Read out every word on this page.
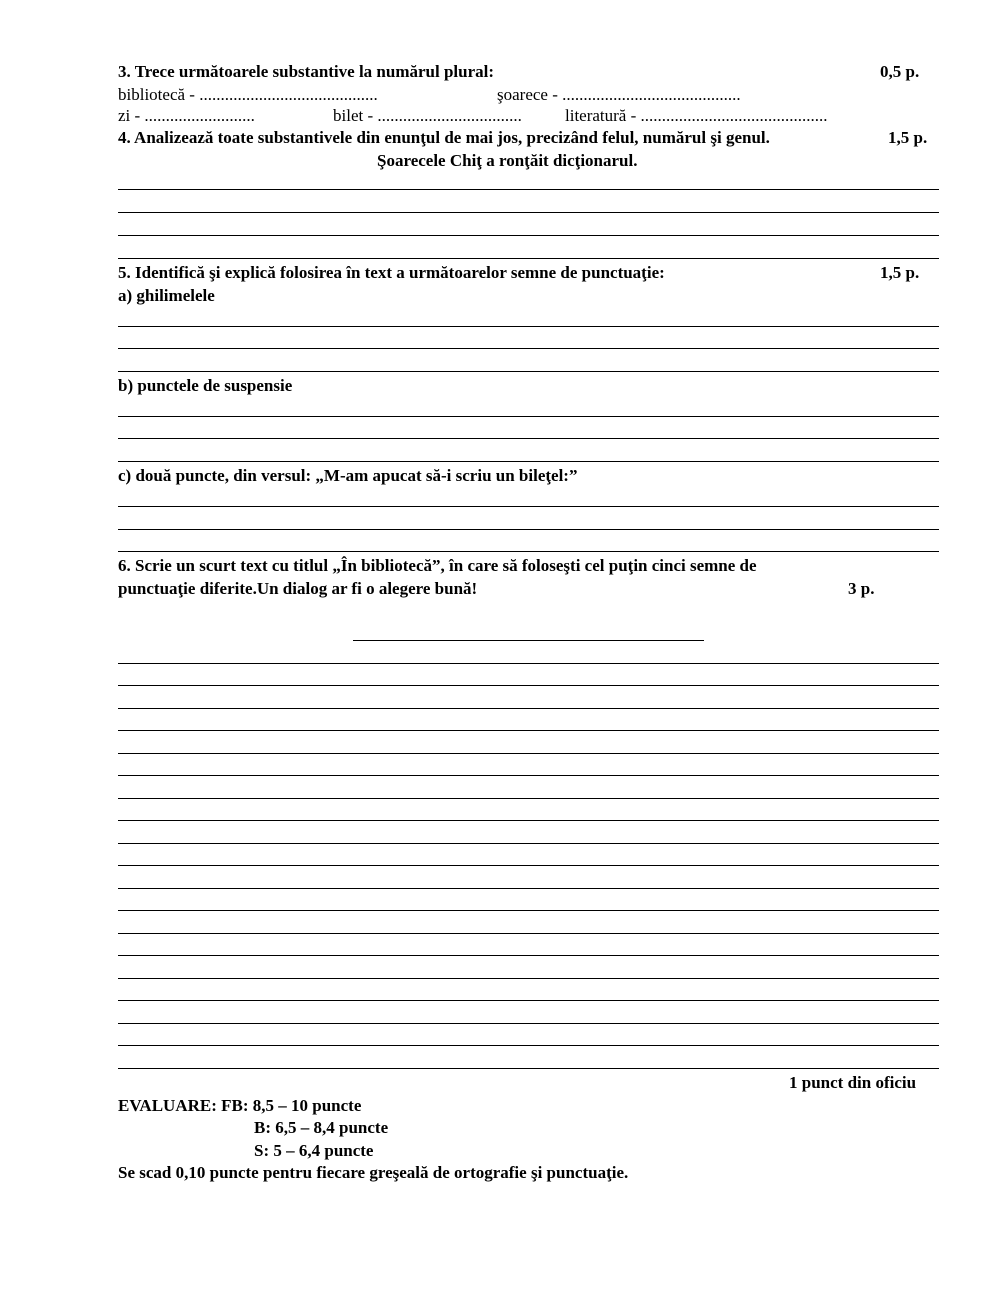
3. Trece următoarele substantive la numărul plural:	0,5 p.
bibliotecă - ..........................................	şoarece - ..........................................
zi - ..........................	bilet - ..................................	literatură - ............................................
4. Analizează toate substantivele din enunţul de mai jos, precizând felul, numărul şi genul.	1,5 p.
Şoarecele Chiţ a ronţăit dicţionarul.
5. Identifică şi explică folosirea în text a următoarelor semne de punctuaţie:	1,5 p.
a) ghilimelele
b) punctele de suspensie
c) două puncte, din versul: „M-am apucat să-i scriu un bileţel:”
6. Scrie un scurt text cu titlul „În bibliotecă”, în care să foloseşti cel puţin cinci semne de
punctuaţie diferite.Un dialog ar fi o alegere bună!	3 p.
1 punct din oficiu
EVALUARE: FB: 8,5 – 10 puncte
B: 6,5 – 8,4 puncte
S: 5 – 6,4 puncte
Se scad 0,10 puncte pentru fiecare greşeală de ortografie şi punctuaţie.
